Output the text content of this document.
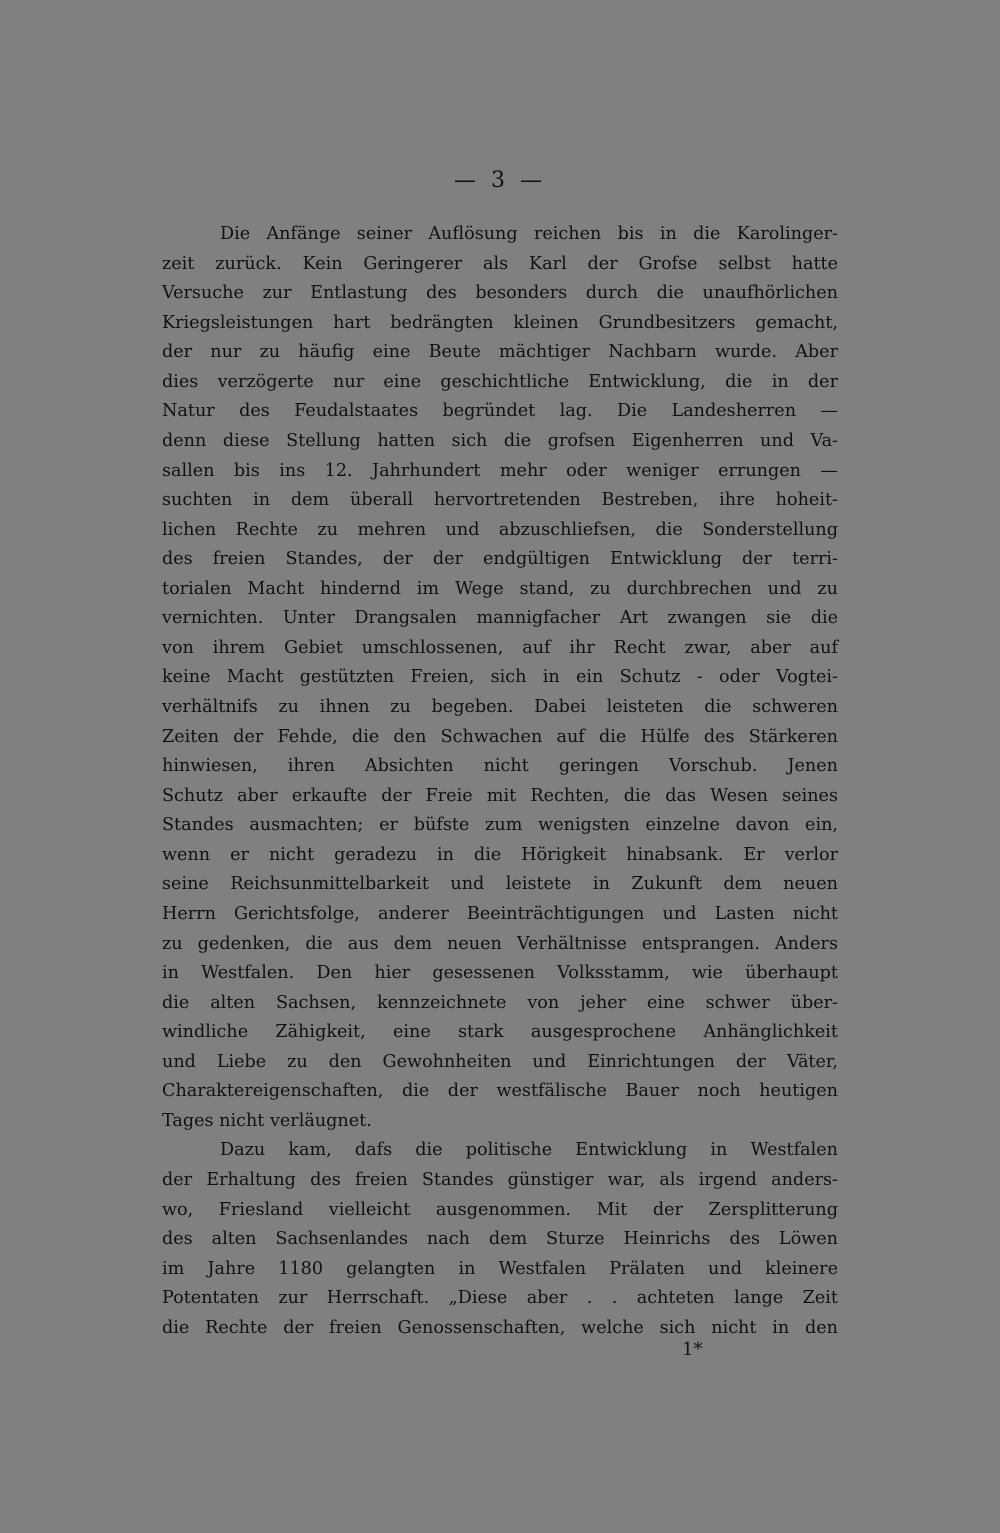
— 3 —
Die Anfänge seiner Auflösung reichen bis in die Karolinger-
zeit zurück. Kein Geringerer als Karl der Grofse selbst hatte
Versuche zur Entlastung des besonders durch die unaufhörlichen
Kriegsleistungen hart bedrängten kleinen Grundbesitzers gemacht,
der nur zu häufig eine Beute mächtiger Nachbarn wurde. Aber
dies verzögerte nur eine geschichtliche Entwicklung, die in der
Natur des Feudalstaates begründet lag. Die Landesherren —
denn diese Stellung hatten sich die grofsen Eigenherren und Va-
sallen bis ins 12. Jahrhundert mehr oder weniger errungen —
suchten in dem überall hervortretenden Bestreben, ihre hoheit-
lichen Rechte zu mehren und abzuschliefsen, die Sonderstellung
des freien Standes, der der endgültigen Entwicklung der terri-
torialen Macht hindernd im Wege stand, zu durchbrechen und zu
vernichten. Unter Drangsalen mannigfacher Art zwangen sie die
von ihrem Gebiet umschlossenen, auf ihr Recht zwar, aber auf
keine Macht gestützten Freien, sich in ein Schutz - oder Vogtei-
verhältnifs zu ihnen zu begeben. Dabei leisteten die schweren
Zeiten der Fehde, die den Schwachen auf die Hülfe des Stärkeren
hinwiesen, ihren Absichten nicht geringen Vorschub. Jenen
Schutz aber erkaufte der Freie mit Rechten, die das Wesen seines
Standes ausmachten; er büfste zum wenigsten einzelne davon ein,
wenn er nicht geradezu in die Hörigkeit hinabsank. Er verlor
seine Reichsunmittelbarkeit und leistete in Zukunft dem neuen
Herrn Gerichtsfolge, anderer Beeinträchtigungen und Lasten nicht
zu gedenken, die aus dem neuen Verhältnisse entsprangen. Anders
in Westfalen. Den hier gesessenen Volksstamm, wie überhaupt
die alten Sachsen, kennzeichnete von jeher eine schwer über-
windliche Zähigkeit, eine stark ausgesprochene Anhänglichkeit
und Liebe zu den Gewohnheiten und Einrichtungen der Väter,
Charaktereigenschaften, die der westfälische Bauer noch heutigen
Tages nicht verläugnet.
Dazu kam, dafs die politische Entwicklung in Westfalen
der Erhaltung des freien Standes günstiger war, als irgend anders-
wo, Friesland vielleicht ausgenommen. Mit der Zersplitterung
des alten Sachsenlandes nach dem Sturze Heinrichs des Löwen
im Jahre 1180 gelangten in Westfalen Prälaten und kleinere
Potentaten zur Herrschaft. „Diese aber . . achteten lange Zeit
die Rechte der freien Genossenschaften, welche sich nicht in den
1*
